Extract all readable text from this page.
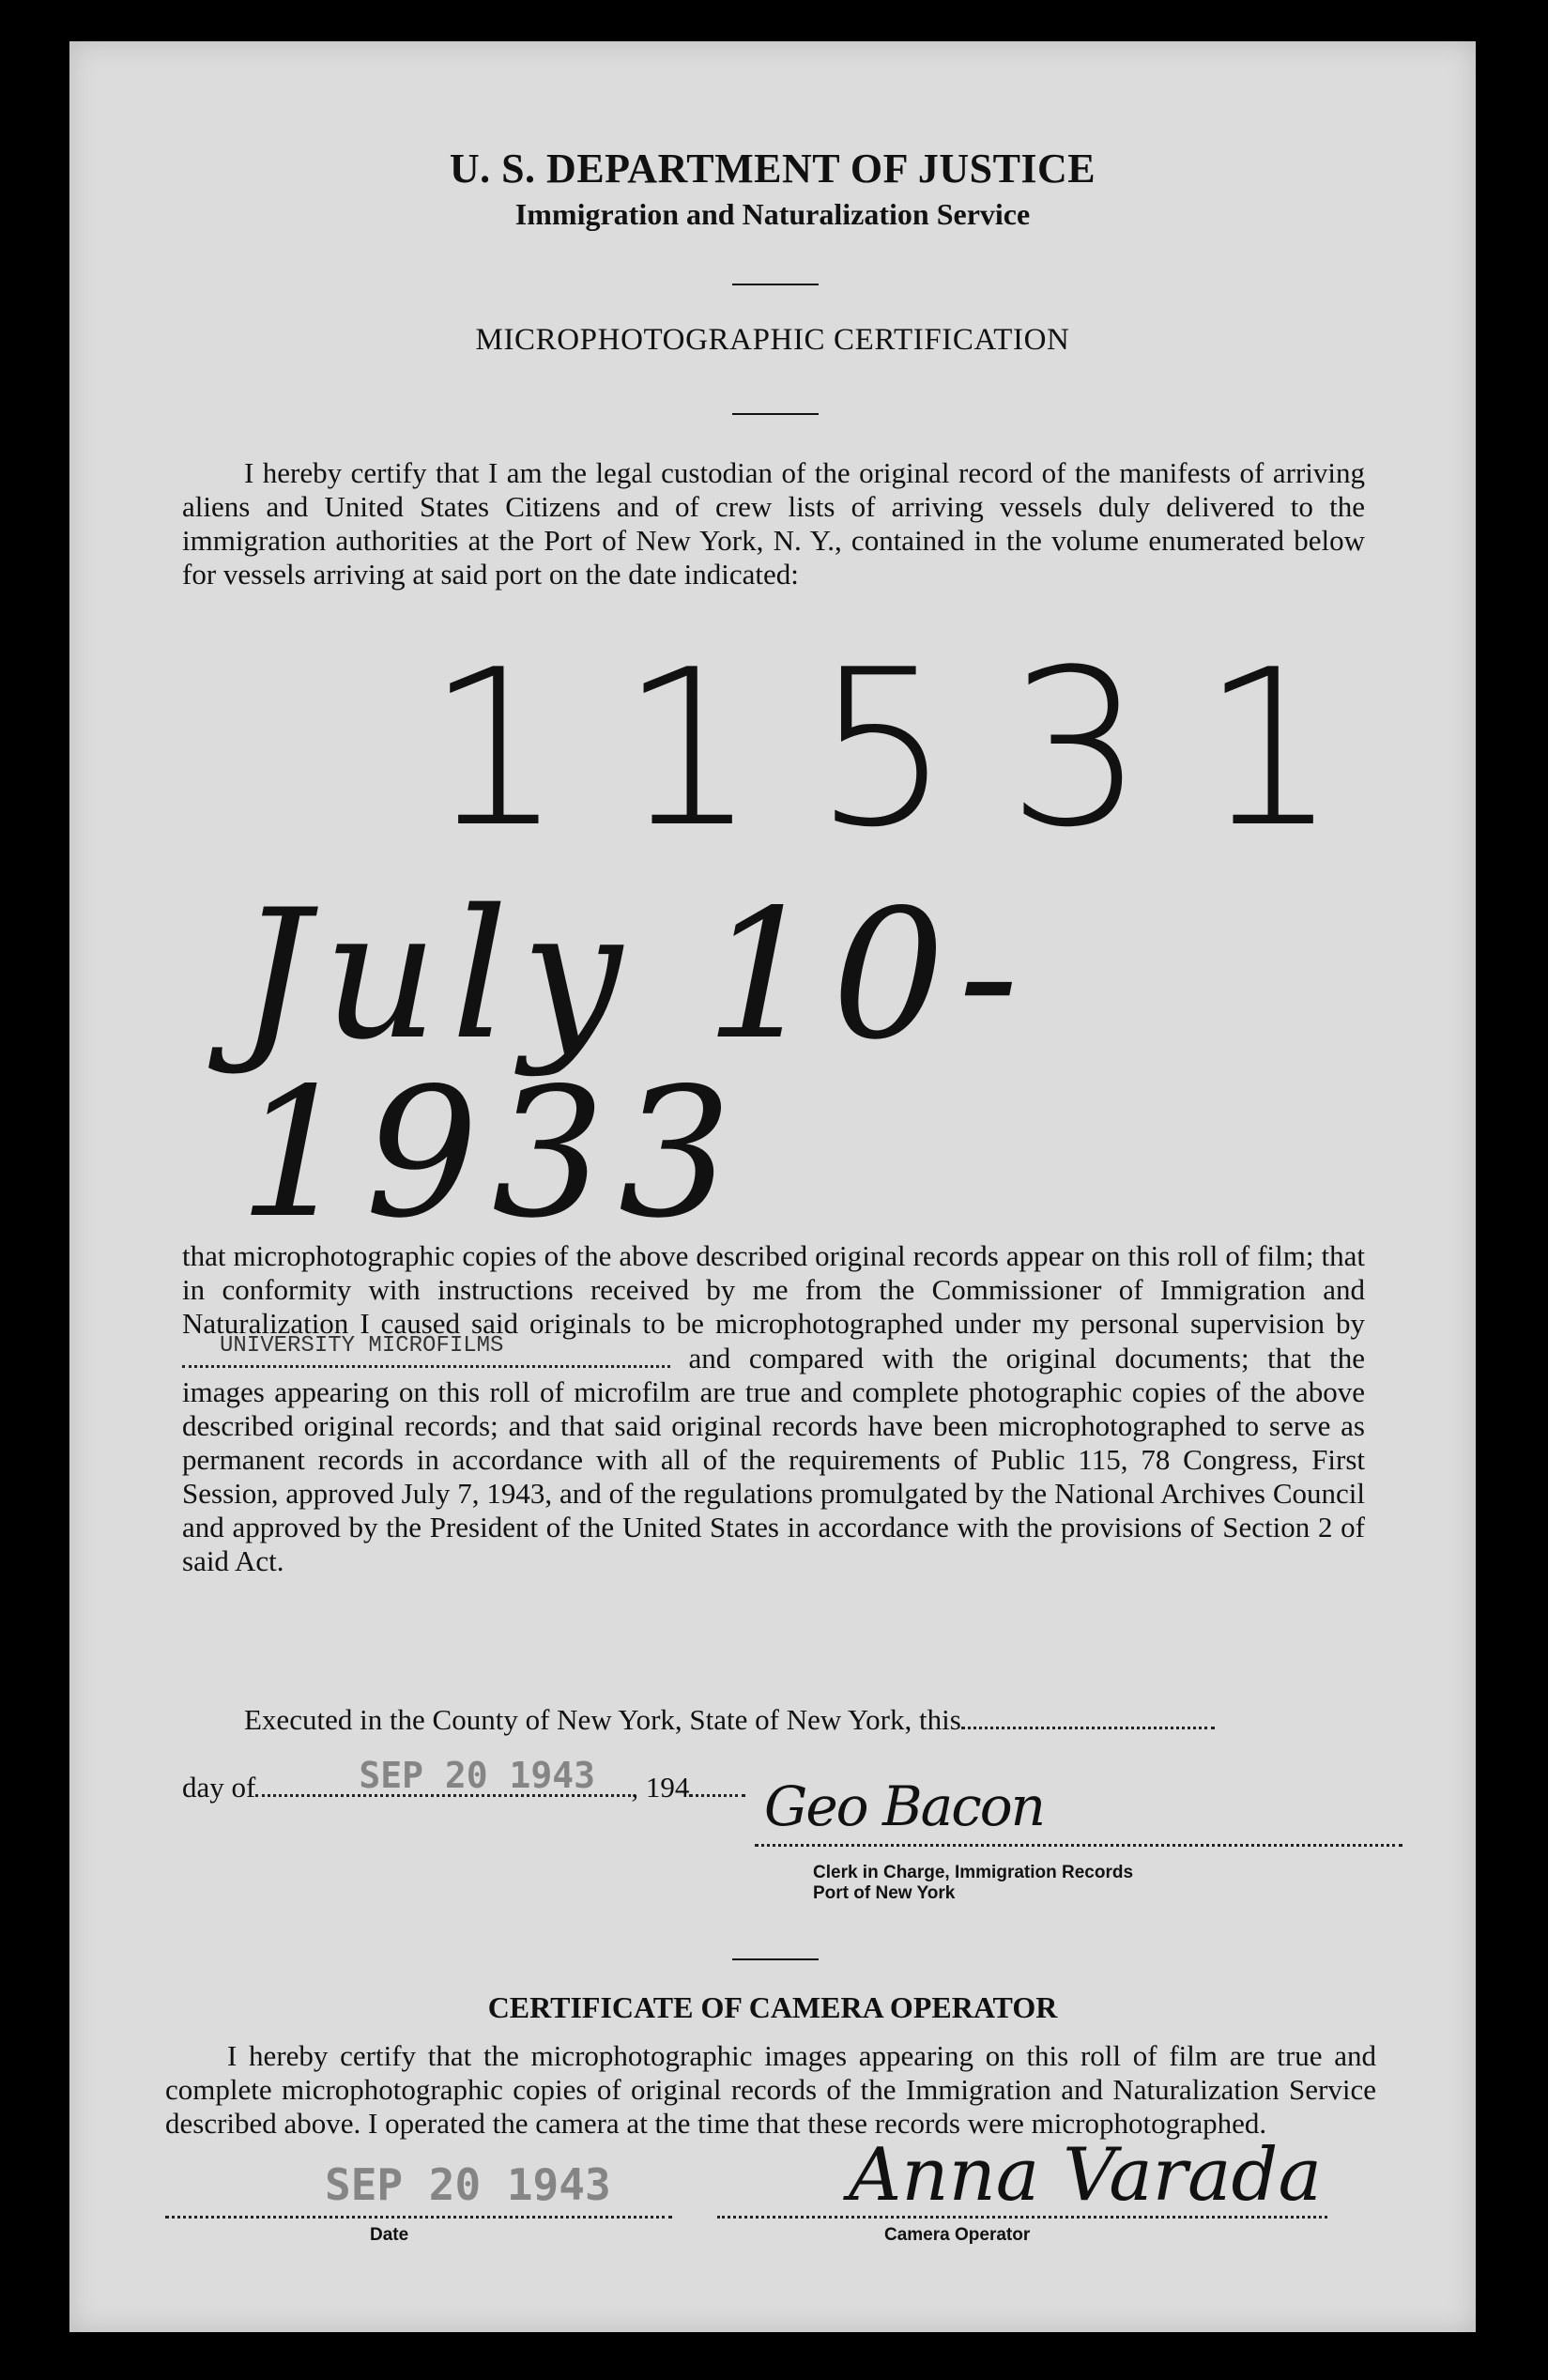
U. S. DEPARTMENT OF JUSTICE
Immigration and Naturalization Service
MICROPHOTOGRAPHIC CERTIFICATION

I hereby certify that I am the legal custodian of the original record of the manifests of arriving aliens and United States Citizens and of crew lists of arriving vessels duly delivered to the immigration authorities at the Port of New York, N. Y., contained in the volume enumerated below for vessels arriving at said port on the date indicated:

11531
July 10-1933
that microphotographic copies of the above described original records appear on this roll of film; that in conformity with instructions received by me from the Commissioner of Immigration and Naturalization I caused said originals to be microphotographed under my personal supervision by
UNIVERSITY MICROFILMS	and compared with the original documents; that the images appearing on this roll of microfilm are true and complete photographic copies of the above described original records; and that said original records have been microphotographed to serve as permanent records in accordance with all of the requirements of Public 115, 78 Congress, First Session, approved July 7, 1943, and of the regulations promulgated by the National Archives Council and approved by the President of the United States in accordance with the provisions of Section 2 of said Act.
Executed in the County of New York, State of New York, this
day of	SEP 20 1943 , 194	Geo Bacon
Clerk in Charge, Immigration Records
Port of New York
CERTIFICATE OF CAMERA OPERATOR

I hereby certify that the microphotographic images appearing on this roll of film are true and complete microphotographic copies of original records of the Immigration and Naturalization Service described above. I operated the camera at the time that these records were microphotographed.

SEP 20 1943
Date
Anna Varada
Camera Operator
